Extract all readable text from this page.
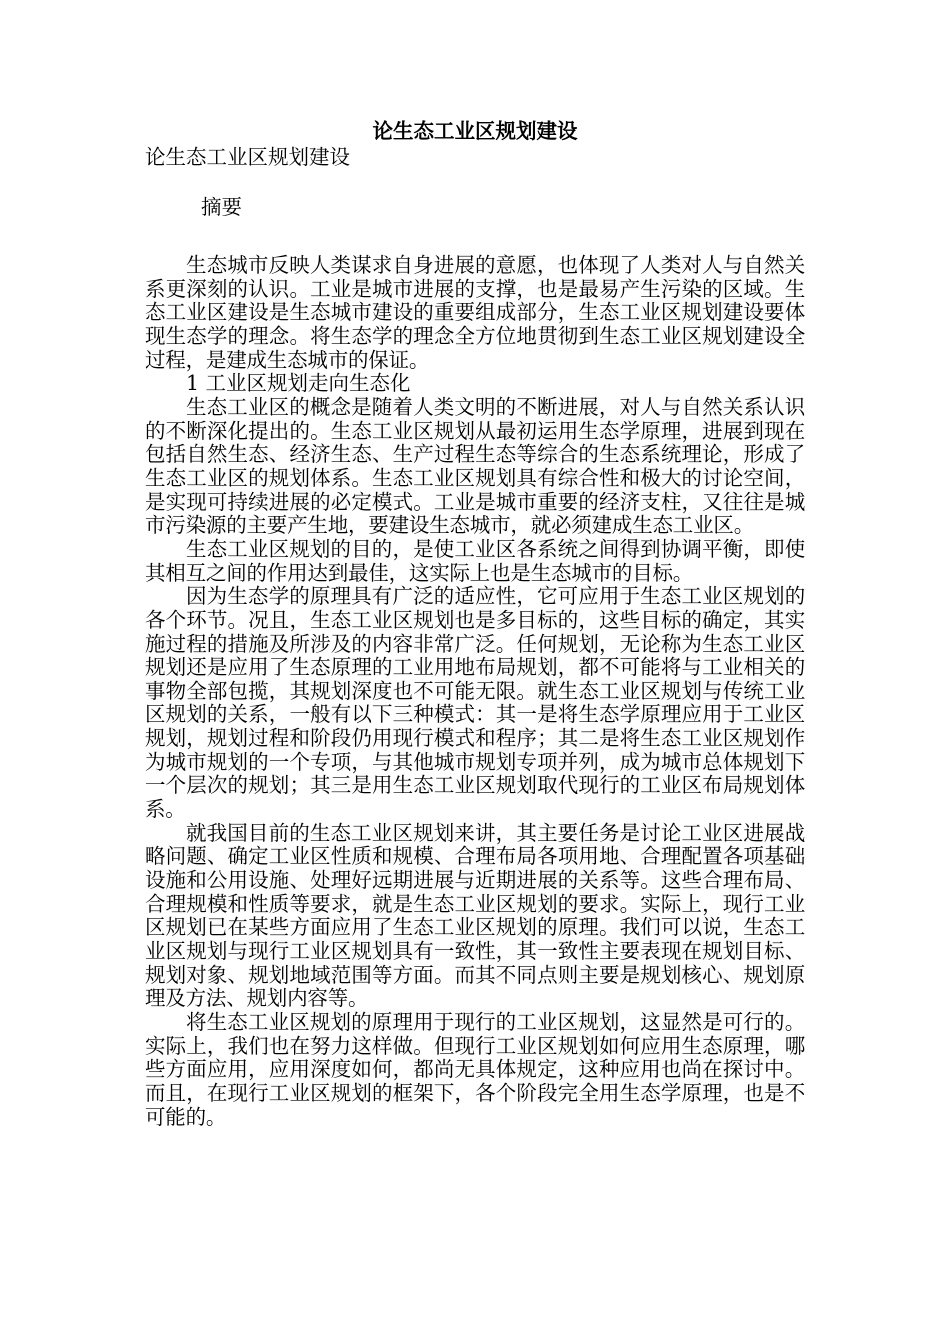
论生态工业区规划建设

论生态工业区规划建设

摘要

生态城市反映人类谋求自身进展的意愿，也体现了人类对人与自然关系更深刻的认识。工业是城市进展的支撑，也是最易产生污染的区域。生态工业区建设是生态城市建设的重要组成部分，生态工业区规划建设要体现生态学的理念。将生态学的理念全方位地贯彻到生态工业区规划建设全过程，是建成生态城市的保证。

1 工业区规划走向生态化

生态工业区的概念是随着人类文明的不断进展，对人与自然关系认识的不断深化提出的。生态工业区规划从最初运用生态学原理，进展到现在包括自然生态、经济生态、生产过程生态等综合的生态系统理论，形成了生态工业区的规划体系。生态工业区规划具有综合性和极大的讨论空间，是实现可持续进展的必定模式。工业是城市重要的经济支柱，又往往是城市污染源的主要产生地，要建设生态城市，就必须建成生态工业区。

生态工业区规划的目的，是使工业区各系统之间得到协调平衡，即使其相互之间的作用达到最佳，这实际上也是生态城市的目标。

因为生态学的原理具有广泛的适应性，它可应用于生态工业区规划的各个环节。况且，生态工业区规划也是多目标的，这些目标的确定，其实施过程的措施及所涉及的内容非常广泛。任何规划，无论称为生态工业区规划还是应用了生态原理的工业用地布局规划，都不可能将与工业相关的事物全部包揽，其规划深度也不可能无限。就生态工业区规划与传统工业区规划的关系，一般有以下三种模式：其一是将生态学原理应用于工业区规划，规划过程和阶段仍用现行模式和程序；其二是将生态工业区规划作为城市规划的一个专项，与其他城市规划专项并列，成为城市总体规划下一个层次的规划；其三是用生态工业区规划取代现行的工业区布局规划体系。

就我国目前的生态工业区规划来讲，其主要任务是讨论工业区进展战略问题、确定工业区性质和规模、合理布局各项用地、合理配置各项基础设施和公用设施、处理好远期进展与近期进展的关系等。这些合理布局、合理规模和性质等要求，就是生态工业区规划的要求。实际上，现行工业区规划已在某些方面应用了生态工业区规划的原理。我们可以说，生态工业区规划与现行工业区规划具有一致性，其一致性主要表现在规划目标、规划对象、规划地域范围等方面。而其不同点则主要是规划核心、规划原理及方法、规划内容等。

将生态工业区规划的原理用于现行的工业区规划，这显然是可行的。实际上，我们也在努力这样做。但现行工业区规划如何应用生态原理，哪些方面应用，应用深度如何，都尚无具体规定，这种应用也尚在探讨中。而且，在现行工业区规划的框架下，各个阶段完全用生态学原理，也是不可能的。
